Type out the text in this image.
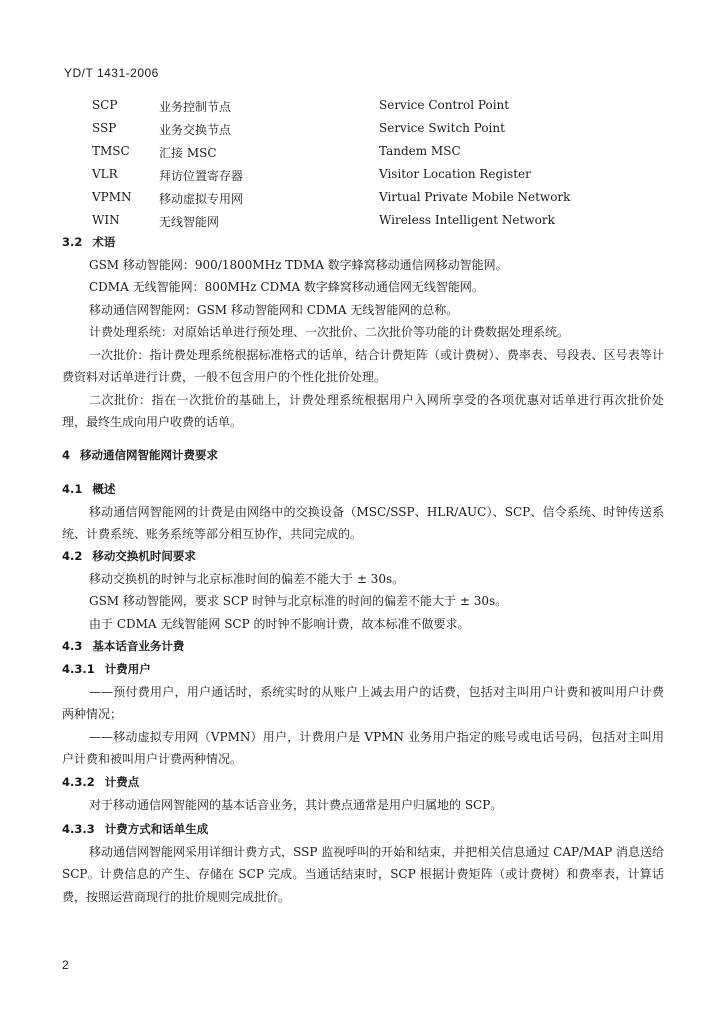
YD/T 1431-2006
SCP	业务控制节点	Service Control Point
SSP	业务交换节点	Service Switch Point
TMSC 汇接 MSC	Tandem MSC
VLR	拜访位置寄存器	Visitor Location Register
VPMN 移动虚拟专用网	Virtual Private Mobile Network
WIN	无线智能网	Wireless Intelligent Network
3.2 术语

GSM 移动智能网：900/1800MHz TDMA 数字蜂窝移动通信网移动智能网。

CDMA 无线智能网：800MHz CDMA 数字蜂窝移动通信网无线智能网。

移动通信网智能网：GSM 移动智能网和 CDMA 无线智能网的总称。

计费处理系统：对原始话单进行预处理、一次批价、二次批价等功能的计费数据处理系统。

一次批价：指计费处理系统根据标准格式的话单，结合计费矩阵（或计费树）、费率表、号段表、区号表等计费资料对话单进行计费，一般不包含用户的个性化批价处理。

二次批价：指在一次批价的基础上，计费处理系统根据用户入网所享受的各项优惠对话单进行再次批价处理，最终生成向用户收费的话单。

4 移动通信网智能网计费要求
4.1 概述

移动通信网智能网的计费是由网络中的交换设备（MSC/SSP、HLR/AUC）、SCP、信令系统、时钟传送系统、计费系统、账务系统等部分相互协作，共同完成的。

4.2 移动交换机时间要求

移动交换机的时钟与北京标准时间的偏差不能大于 ± 30s。

GSM 移动智能网，要求 SCP 时钟与北京标准的时间的偏差不能大于 ± 30s。

由于 CDMA 无线智能网 SCP 的时钟不影响计费，故本标准不做要求。

4.3 基本话音业务计费
4.3.1 计费用户

——预付费用户，用户通话时，系统实时的从账户上减去用户的话费，包括对主叫用户计费和被叫用户计费两种情况；

——移动虚拟专用网（VPMN）用户，计费用户是 VPMN 业务用户指定的账号或电话号码，包括对主叫用户计费和被叫用户计费两种情况。

4.3.2 计费点

对于移动通信网智能网的基本话音业务，其计费点通常是用户归属地的 SCP。

4.3.3 计费方式和话单生成

移动通信网智能网采用详细计费方式，SSP 监视呼叫的开始和结束，并把相关信息通过 CAP/MAP 消息送给 SCP。计费信息的产生、存储在 SCP 完成。当通话结束时，SCP 根据计费矩阵（或计费树）和费率表，计算话费，按照运营商现行的批价规则完成批价。

2
